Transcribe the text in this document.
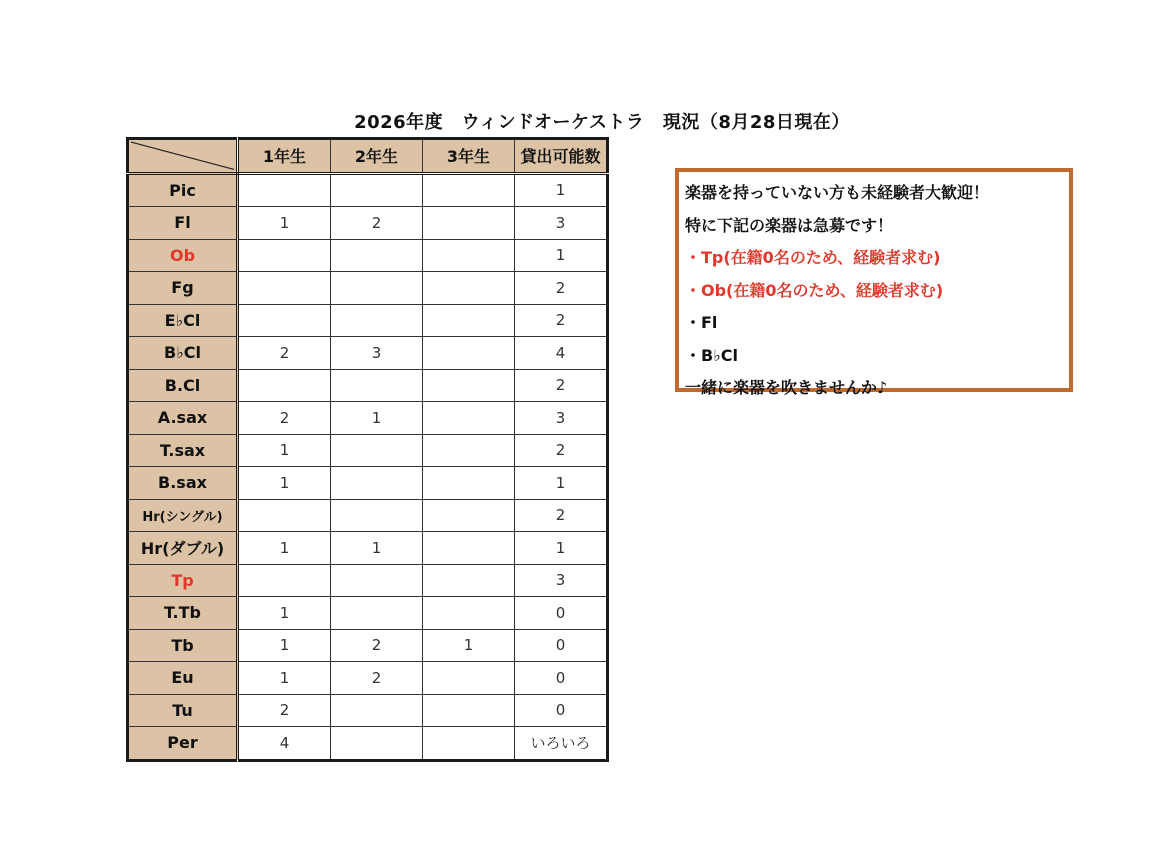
2026年度　ウィンドオーケストラ　現況（8月28日現在）
	1年生	2年生	3年生	貸出可能数
Pic				1
Fl	1	2		3
Ob				1
Fg				2
E♭Cl				2
B♭Cl	2	3		4
B.Cl				2
A.sax	2	1		3
T.sax	1			2
B.sax	1			1
Hr(シングル)				2
Hr(ダブル)	1	1		1
Tp				3
T.Tb	1			0
Tb	1	2	1	0
Eu	1	2		0
Tu	2			0
Per	4			いろいろ
楽器を持っていない方も未経験者大歓迎！
特に下記の楽器は急募です！
・Tp(在籍0名のため、経験者求む)
・Ob(在籍0名のため、経験者求む)
・Fl
・B♭Cl
一緒に楽器を吹きませんか♪
